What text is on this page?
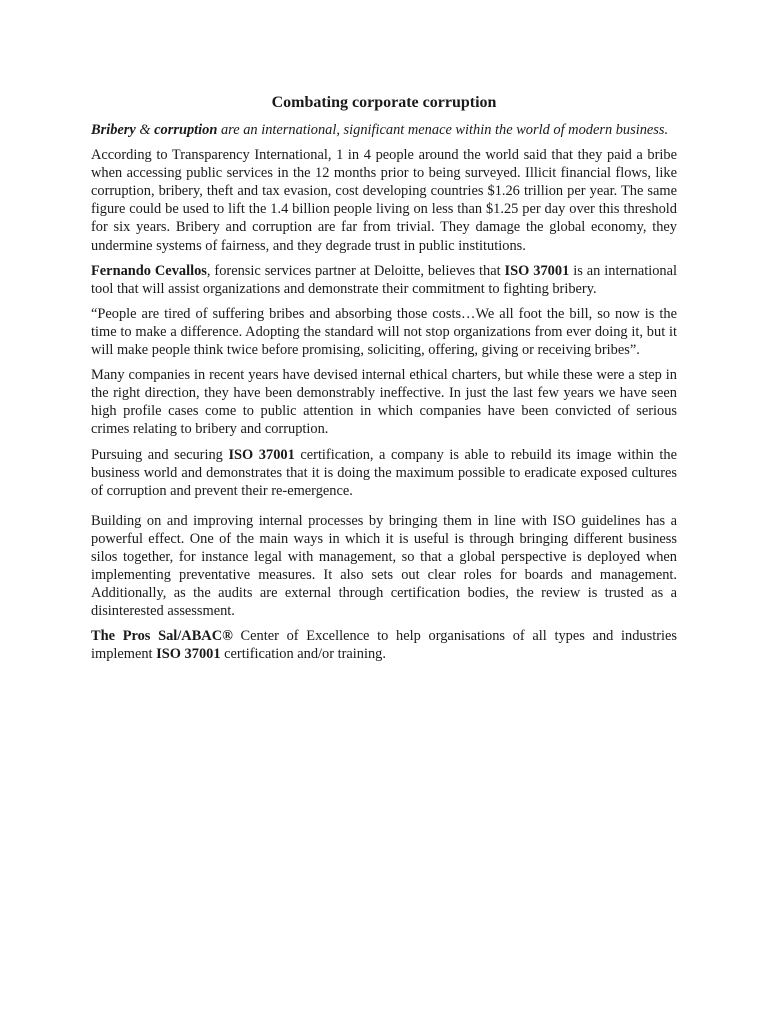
Combating corporate corruption

Bribery & corruption are an international, significant menace within the world of modern business.

According to Transparency International, 1 in 4 people around the world said that they paid a bribe when accessing public services in the 12 months prior to being surveyed. Illicit financial flows, like corruption, bribery, theft and tax evasion, cost developing countries $1.26 trillion per year. The same figure could be used to lift the 1.4 billion people living on less than $1.25 per day over this threshold for six years. Bribery and corruption are far from trivial. They damage the global economy, they undermine systems of fairness, and they degrade trust in public institutions.

Fernando Cevallos, forensic services partner at Deloitte, believes that ISO 37001 is an international tool that will assist organizations and demonstrate their commitment to fighting bribery.

“People are tired of suffering bribes and absorbing those costs…We all foot the bill, so now is the time to make a difference. Adopting the standard will not stop organizations from ever doing it, but it will make people think twice before promising, soliciting, offering, giving or receiving bribes”.

Many companies in recent years have devised internal ethical charters, but while these were a step in the right direction, they have been demonstrably ineffective. In just the last few years we have seen high profile cases come to public attention in which companies have been convicted of serious crimes relating to bribery and corruption.

Pursuing and securing ISO 37001 certification, a company is able to rebuild its image within the business world and demonstrates that it is doing the maximum possible to eradicate exposed cultures of corruption and prevent their re-emergence.

Building on and improving internal processes by bringing them in line with ISO guidelines has a powerful effect. One of the main ways in which it is useful is through bringing different business silos together, for instance legal with management, so that a global perspective is deployed when implementing preventative measures. It also sets out clear roles for boards and management. Additionally, as the audits are external through certification bodies, the review is trusted as a disinterested assessment.

The Pros Sal/ABAC® Center of Excellence to help organisations of all types and industries implement ISO 37001 certification and/or training.
